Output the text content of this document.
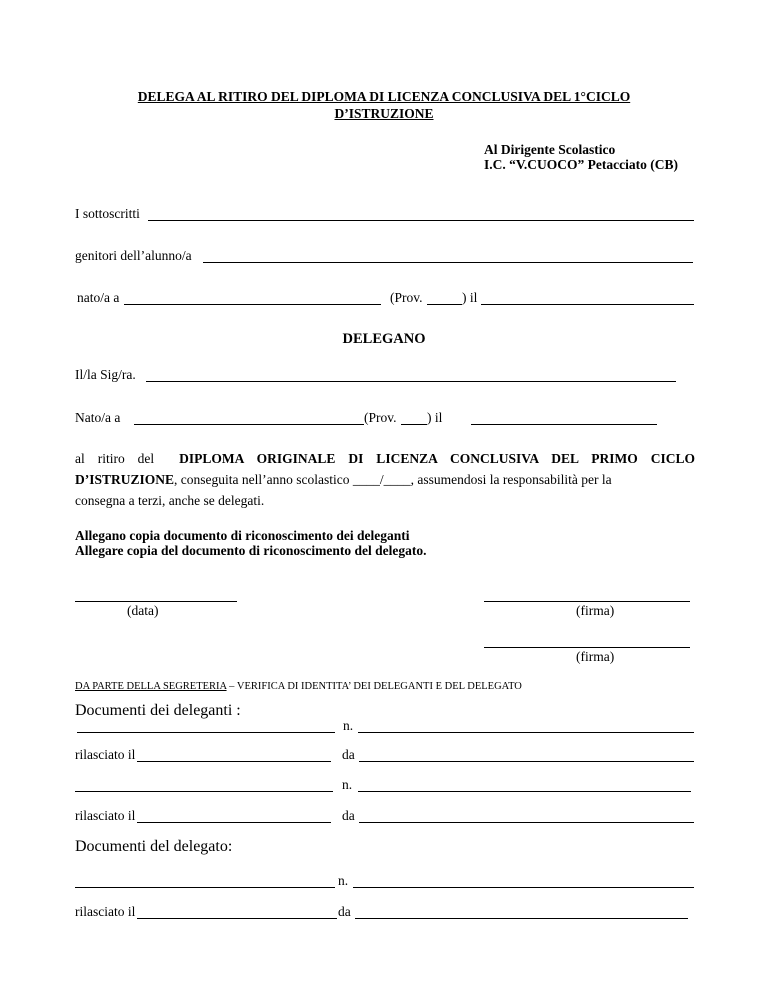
DELEGA AL RITIRO DEL DIPLOMA DI LICENZA CONCLUSIVA DEL 1°CICLO
D’ISTRUZIONE
Al Dirigente Scolastico
I.C. “V.CUOCO” Petacciato (CB)
I sottoscritti
genitori dell’alunno/a
nato/a a	(Prov.	) il
DELEGANO
Il/la Sig/ra.
Nato/a a	(Prov. ) il
al ritiro del DIPLOMA ORIGINALE DI LICENZA CONCLUSIVA DEL PRIMO CICLO
D’ISTRUZIONE, conseguita nell’anno scolastico ____/____, assumendosi la responsabilità per la
consegna a terzi, anche se delegati.
Allegano copia documento di riconoscimento dei deleganti
Allegare copia del documento di riconoscimento del delegato.
(data)	(firma)
(firma)
DA PARTE DELLA SEGRETERIA – VERIFICA DI IDENTITA’ DEI DELEGANTI E DEL DELEGATO
Documenti dei deleganti :
n.
rilasciato il	da
n.
rilasciato il	da
Documenti del delegato:
n.
rilasciato il	da
